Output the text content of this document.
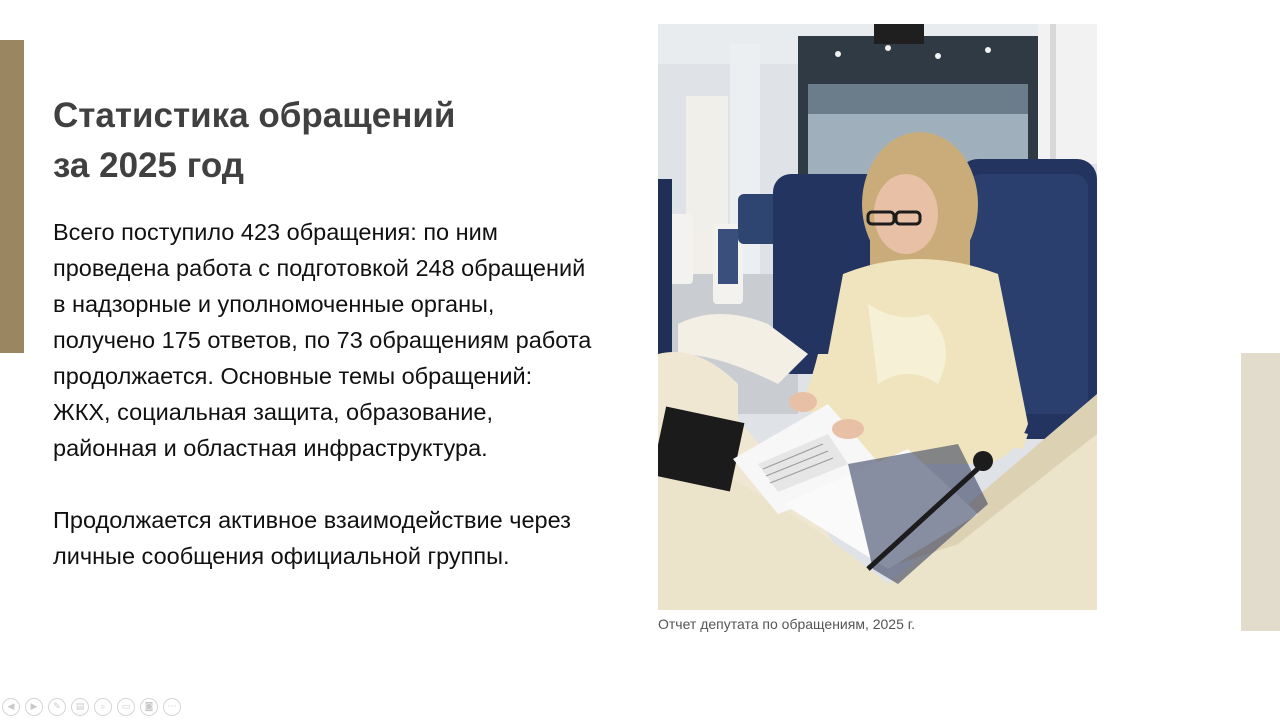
Статистика обращений
за 2025 год

Всего поступило 423 обращения: по ним проведена работа с подготовкой 248 обращений в надзорные и уполномоченные органы, получено 175 ответов, по 73 обращениям работа продолжается. Основные темы обращений: ЖКХ, социальная защита, образование, районная и областная инфраструктура.

Продолжается активное взаимодействие через личные сообщения официальной группы.

Отчет депутата по обращениям, 2025 г.

◀	▶	✎	▤	⌕	▭	◙	⋯
